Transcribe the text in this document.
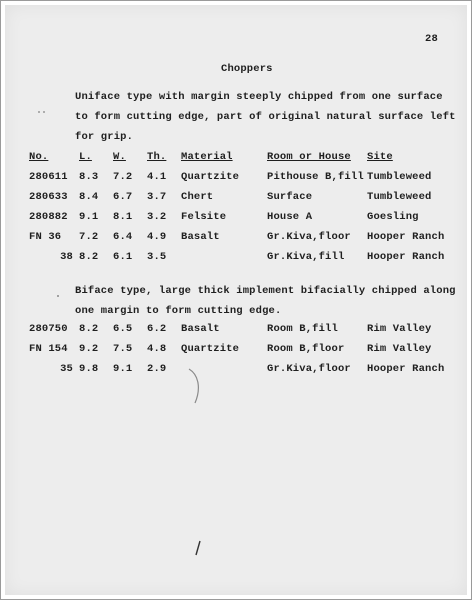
28
Choppers
Uniface type with margin steeply chipped from one surface
to form cutting edge, part of original natural surface left
for grip.
No.	L. W. Th. Material	Room or House Site
280611 8.3 7.2 4.1 Quartzite	Pithouse B,fill Tumbleweed
280633 8.4 6.7 3.7 Chert	Surface	Tumbleweed
280882 9.1 8.1 3.2 Felsite	House A	Goesling
FN 36 7.2 6.4 4.9 Basalt	Gr.Kiva,floor Hooper Ranch
38 8.2 6.1 3.5	Gr.Kiva,fill Hooper Ranch
Biface type, large thick implement bifacially chipped along
one margin to form cutting edge.
280750 8.2 6.5 6.2 Basalt	Room B,fill	Rim Valley
FN 154 9.2 7.5 4.8 Quartzite	Room B,floor Rim Valley
35 9.8 9.1 2.9	Gr.Kiva,floor Hooper Ranch
